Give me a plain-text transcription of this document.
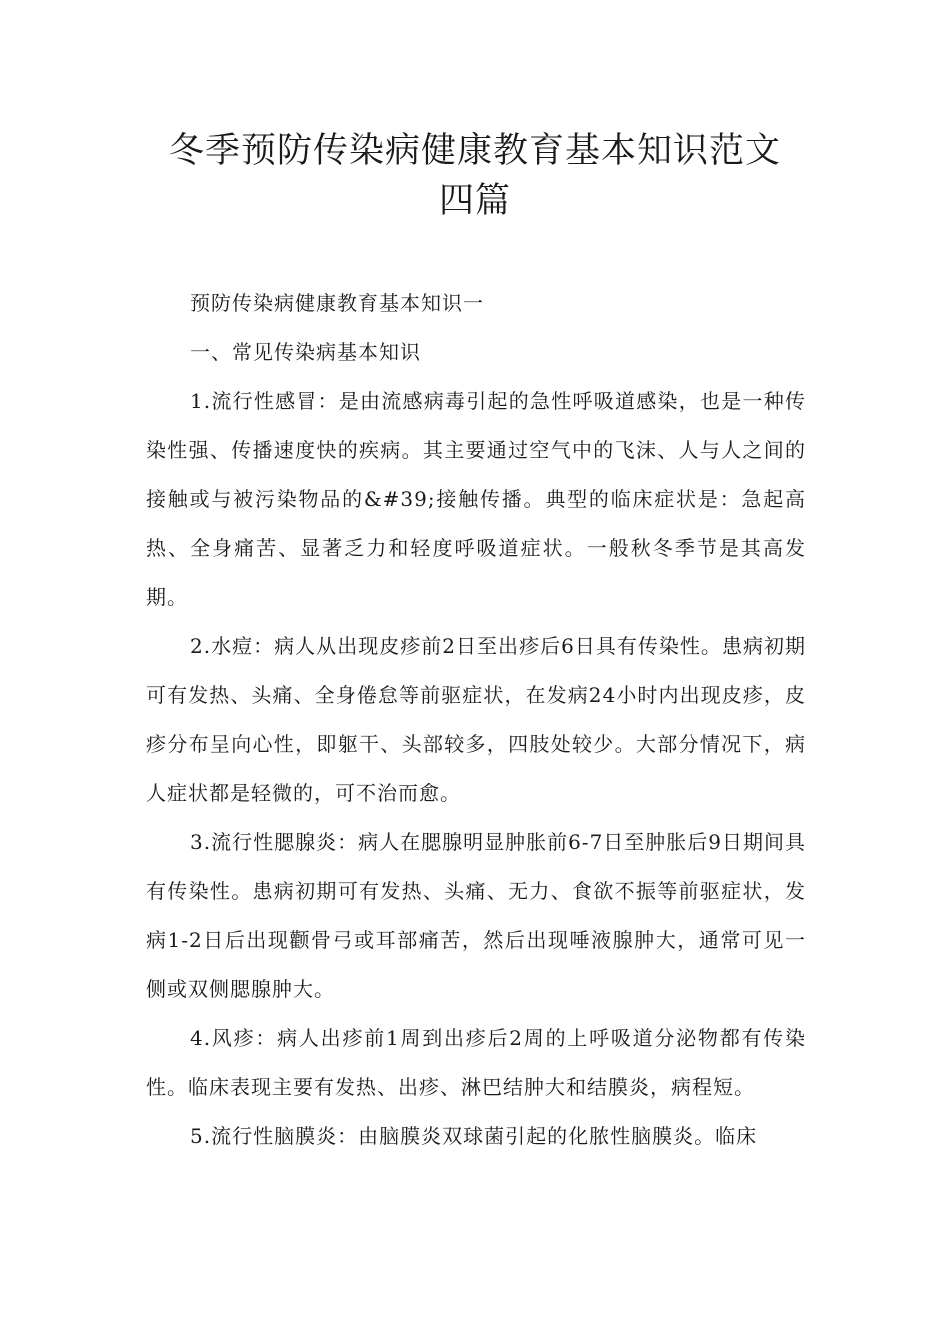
冬季预防传染病健康教育基本知识范文
四篇

预防传染病健康教育基本知识一

一、常见传染病基本知识

1.流行性感冒：是由流感病毒引起的急性呼吸道感染，也是一种传染性强、传播速度快的疾病。其主要通过空气中的飞沫、人与人之间的接触或与被污染物品的&#39;接触传播。典型的临床症状是：急起高热、全身痛苦、显著乏力和轻度呼吸道症状。一般秋冬季节是其高发期。

2.水痘：病人从出现皮疹前2日至出疹后6日具有传染性。患病初期可有发热、头痛、全身倦怠等前驱症状，在发病24小时内出现皮疹，皮疹分布呈向心性，即躯干、头部较多，四肢处较少。大部分情况下，病人症状都是轻微的，可不治而愈。

3.流行性腮腺炎：病人在腮腺明显肿胀前6-7日至肿胀后9日期间具有传染性。患病初期可有发热、头痛、无力、食欲不振等前驱症状，发病1-2日后出现颧骨弓或耳部痛苦，然后出现唾液腺肿大，通常可见一侧或双侧腮腺肿大。

4.风疹：病人出疹前1周到出疹后2周的上呼吸道分泌物都有传染性。临床表现主要有发热、出疹、淋巴结肿大和结膜炎，病程短。

5.流行性脑膜炎：由脑膜炎双球菌引起的化脓性脑膜炎。临床
